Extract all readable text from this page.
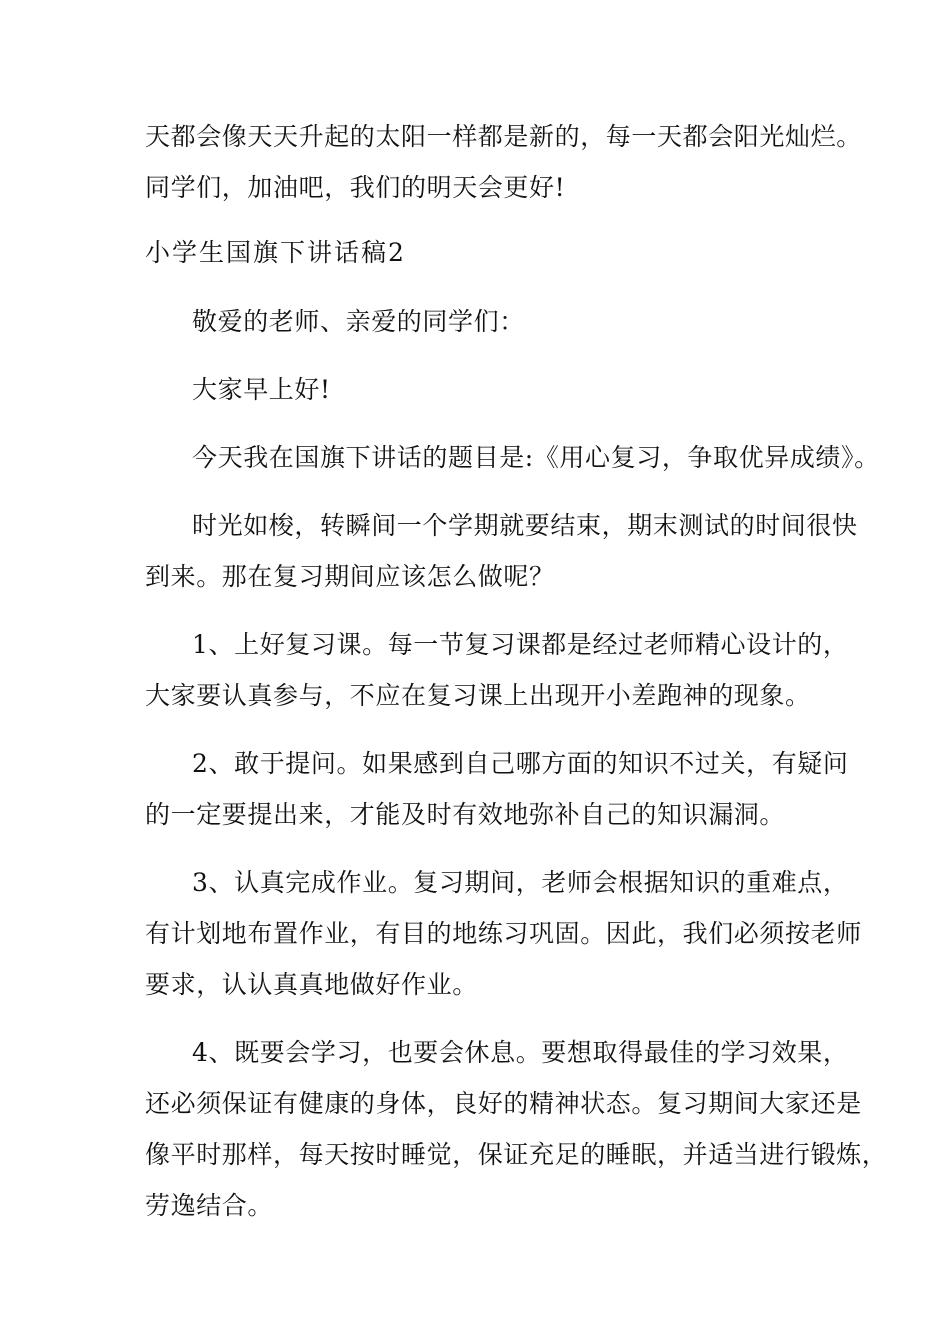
天都会像天天升起的太阳一样都是新的，每一天都会阳光灿烂。
同学们，加油吧，我们的明天会更好!
小学生国旗下讲话稿2
敬爱的老师、亲爱的同学们：
大家早上好!
今天我在国旗下讲话的题目是:《用心复习，争取优异成绩》。
时光如梭，转瞬间一个学期就要结束，期末测试的时间很快
到来。那在复习期间应该怎么做呢？
1、上好复习课。每一节复习课都是经过老师精心设计的，
大家要认真参与，不应在复习课上出现开小差跑神的现象。
2、敢于提问。如果感到自己哪方面的知识不过关，有疑问
的一定要提出来，才能及时有效地弥补自己的知识漏洞。
3、认真完成作业。复习期间，老师会根据知识的重难点，
有计划地布置作业，有目的地练习巩固。因此，我们必须按老师
要求，认认真真地做好作业。
4、既要会学习，也要会休息。要想取得最佳的学习效果，
还必须保证有健康的身体，良好的精神状态。复习期间大家还是
像平时那样，每天按时睡觉，保证充足的睡眠，并适当进行锻炼，
劳逸结合。
